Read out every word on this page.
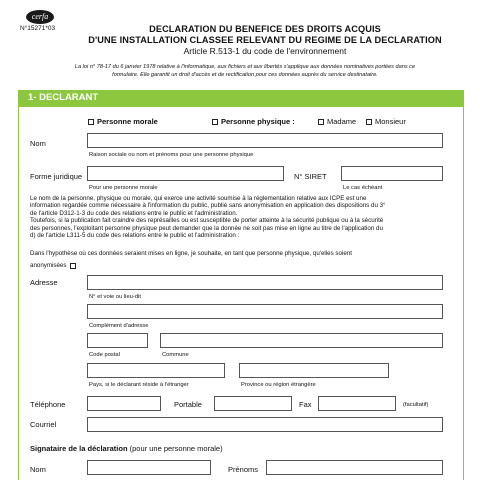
cerfa
N°15271*03	DECLARATION DU BENEFICE DES DROITS ACQUIS
D'UNE INSTALLATION CLASSEE RELEVANT DU REGIME DE LA DECLARATION
Article R.513-1 du code de l'environnement
La loi n° 78-17 du 6 janvier 1978 relative à l'informatique, aux fichiers et aux libertés s'applique aux données nominatives portées dans ce
formulaire. Elle garantit un droit d'accès et de rectification pour ces données auprès du service destinataire.
1- DECLARANT
Personne morale	Personne physique :	Madame	Monsieur
Nom
Raison sociale ou nom et prénoms pour une personne physique
Forme juridique
Pour une personne morale
N° SIRET
Le cas échéant
Le nom de la personne, physique ou morale, qui exerce une activité soumise à la réglementation relative aux ICPE est une
information regardée comme nécessaire à l'information du public, publié sans anonymisation en application des dispositions du 3°
de l'article D312-1-3 du code des relations entre le public et l'administration.
Toutefois, si la publication fait craindre des représailles ou est susceptible de porter atteinte à la sécurité publique ou à la sécurité
des personnes, l'exploitant personne physique peut demander que la donnée ne soit pas mise en ligne au titre de l'application du
d) de l'article L311-5 du code des relations entre le public et l'administration :
Dans l'hypothèse où ces données seraient mises en ligne, je souhaite, en tant que personne physique, qu'elles soient
anonymisées
Adresse
N° et voie ou lieu-dit
Complément d'adresse
Code postal	Commune
Pays, si le déclarant réside à l'étranger	Province ou région étrangère
Téléphone	Portable	Fax	(facultatif)
Courriel
Signataire de la déclaration (pour une personne morale)
Nom	Prénoms
